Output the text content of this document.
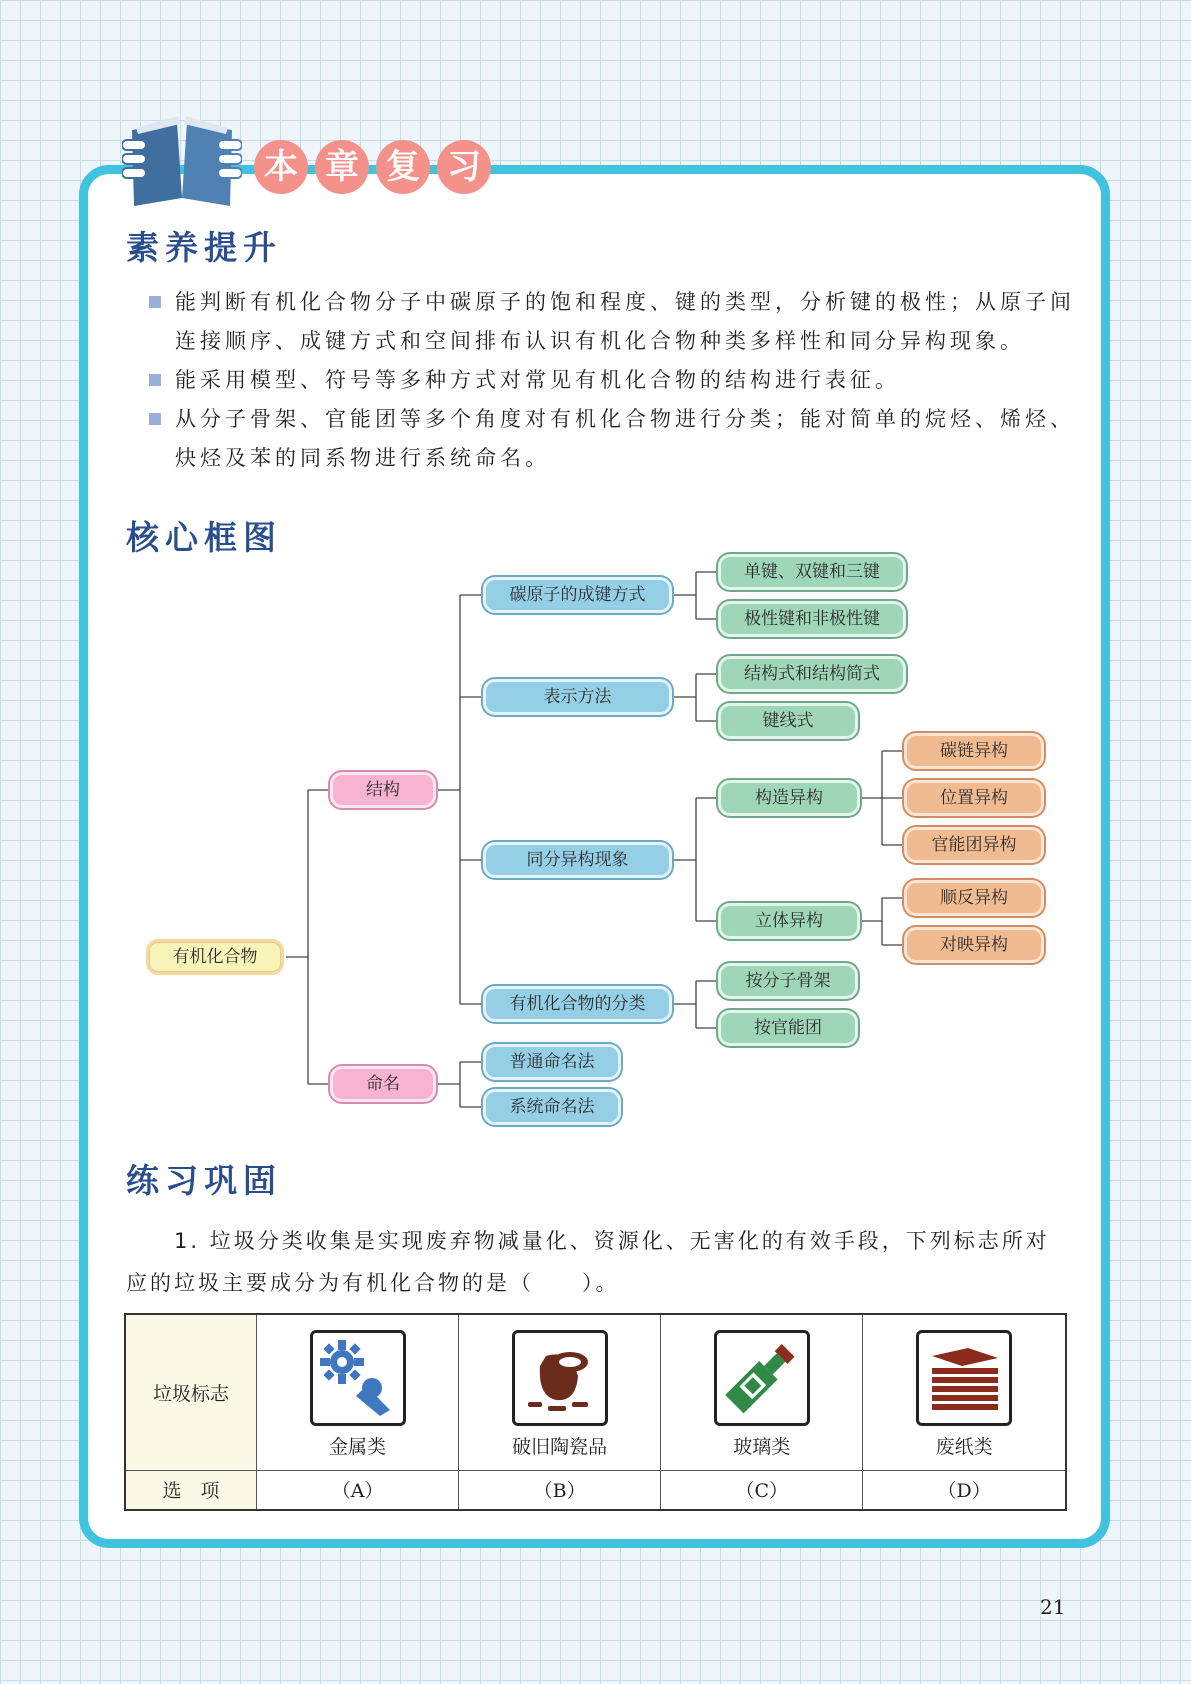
本 章 复 习
素养提升

能判断有机化合物分子中碳原子的饱和程度、键的类型，分析键的极性；从原子间连接顺序、成键方式和空间排布认识有机化合物种类多样性和同分异构现象。

能采用模型、符号等多种方式对常见有机化合物的结构进行表征。

从分子骨架、官能团等多个角度对有机化合物进行分类；能对简单的烷烃、烯烃、炔烃及苯的同系物进行系统命名。

核心框图
有机化合物
结构
命名
碳原子的成键方式
表示方法
同分异构现象
有机化合物的分类
普通命名法
系统命名法
单键、双键和三键
极性键和非极性键
结构式和结构简式
键线式
构造异构
立体异构
按分子骨架
按官能团
碳链异构
位置异构
官能团异构
顺反异构
对映异构
练习巩固
1. 垃圾分类收集是实现废弃物减量化、资源化、无害化的有效手段，下列标志所对
应的垃圾主要成分为有机化合物的是（　　）。
垃圾标志	金属类	破旧陶瓷品	玻璃类	废纸类

选　项	（A）	（B）	（C）	（D）
21
